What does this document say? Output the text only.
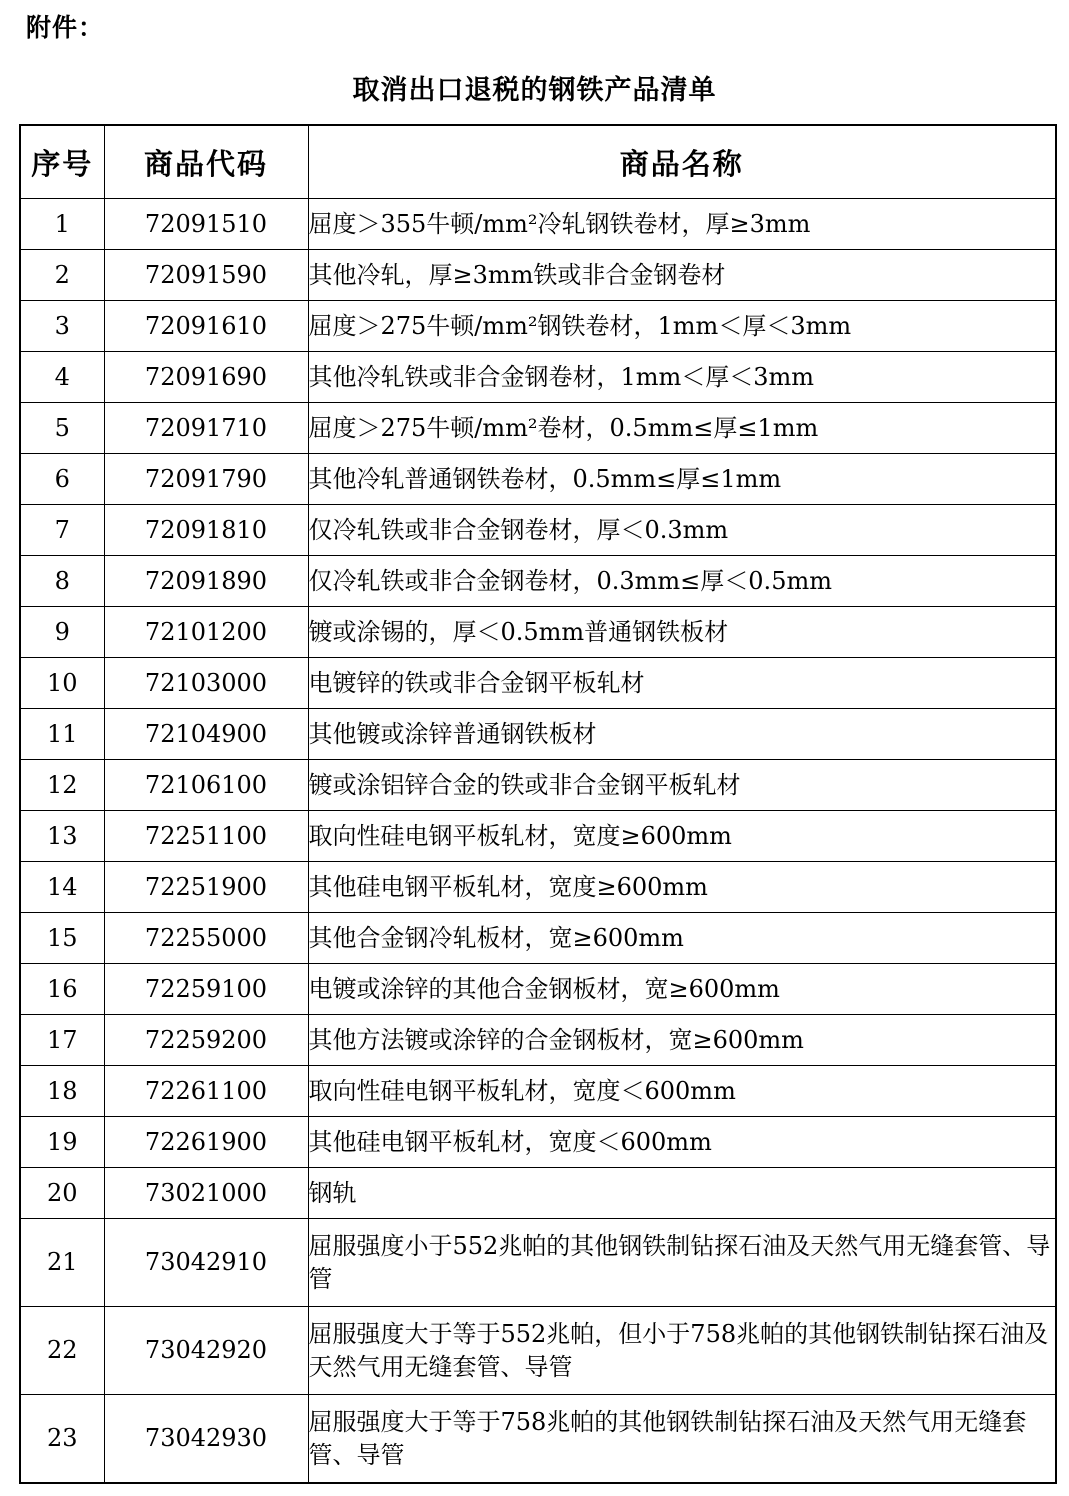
附件：
取消出口退税的钢铁产品清单
序号	商品代码	商品名称
1	72091510	屈度＞355牛顿/mm²冷轧钢铁卷材，厚≥3mm
2	72091590	其他冷轧，厚≥3mm铁或非合金钢卷材
3	72091610	屈度＞275牛顿/mm²钢铁卷材，1mm＜厚＜3mm
4	72091690	其他冷轧铁或非合金钢卷材，1mm＜厚＜3mm
5	72091710	屈度＞275牛顿/mm²卷材，0.5mm≤厚≤1mm
6	72091790	其他冷轧普通钢铁卷材，0.5mm≤厚≤1mm
7	72091810	仅冷轧铁或非合金钢卷材，厚＜0.3mm
8	72091890	仅冷轧铁或非合金钢卷材，0.3mm≤厚＜0.5mm
9	72101200	镀或涂锡的，厚＜0.5mm普通钢铁板材
10	72103000	电镀锌的铁或非合金钢平板轧材
11	72104900	其他镀或涂锌普通钢铁板材
12	72106100	镀或涂铝锌合金的铁或非合金钢平板轧材
13	72251100	取向性硅电钢平板轧材，宽度≥600mm
14	72251900	其他硅电钢平板轧材，宽度≥600mm
15	72255000	其他合金钢冷轧板材，宽≥600mm
16	72259100	电镀或涂锌的其他合金钢板材，宽≥600mm
17	72259200	其他方法镀或涂锌的合金钢板材，宽≥600mm
18	72261100	取向性硅电钢平板轧材，宽度＜600mm
19	72261900	其他硅电钢平板轧材，宽度＜600mm
20	73021000	钢轨
21	73042910	屈服强度小于552兆帕的其他钢铁制钻探石油及天然气用无缝套管、导管
22	73042920	屈服强度大于等于552兆帕，但小于758兆帕的其他钢铁制钻探石油及天然气用无缝套管、导管
23	73042930	屈服强度大于等于758兆帕的其他钢铁制钻探石油及天然气用无缝套管、导管
